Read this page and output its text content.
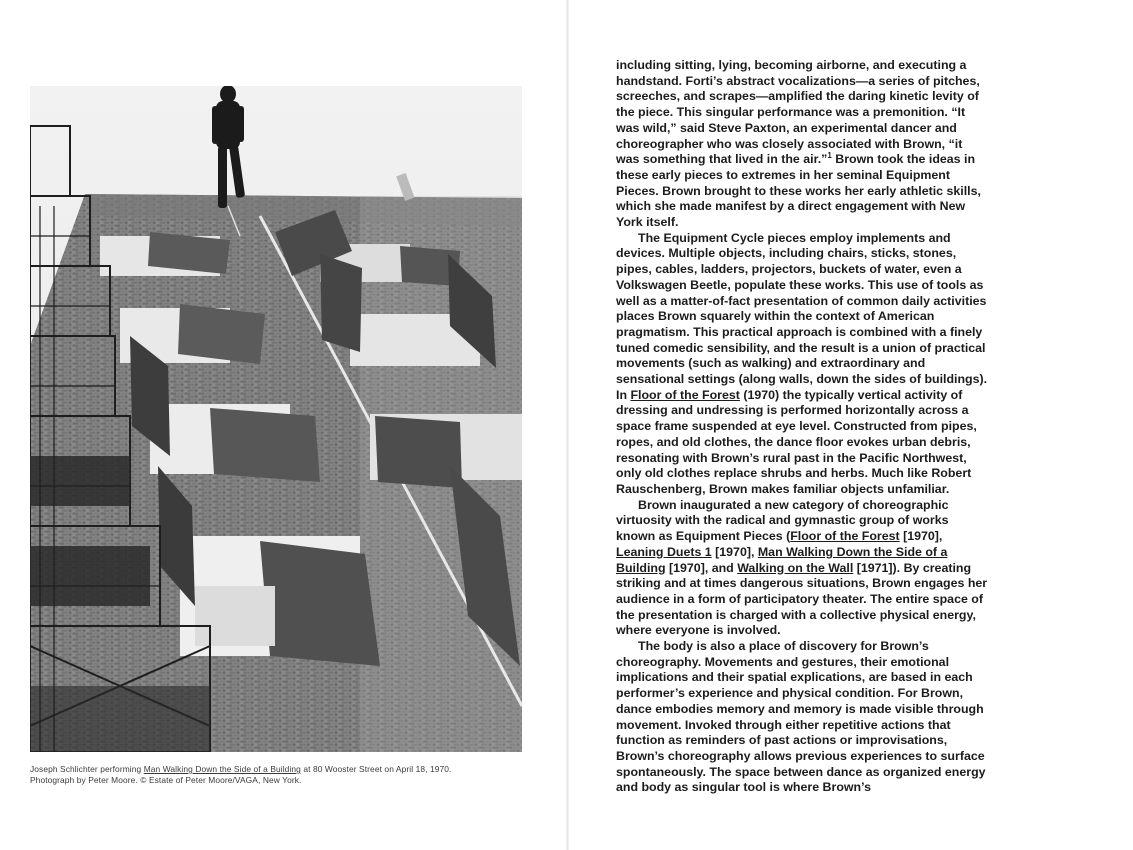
Joseph Schlichter performing Man Walking Down the Side of a Building at 80 Wooster Street on April 18, 1970.
Photograph by Peter Moore. © Estate of Peter Moore/VAGA, New York.

including sitting, lying, becoming airborne, and executing a handstand. Forti’s abstract vocalizations—a series of pitches, screeches, and scrapes—amplified the daring kinetic levity of the piece. This singular performance was a premonition. “It was wild,” said Steve Paxton, an experimental dancer and choreographer who was closely associated with Brown, “it was something that lived in the air.”$^1$ Brown took the ideas in these early pieces to extremes in her seminal Equipment Pieces. Brown brought to these works her early athletic skills, which she made manifest by a direct engagement with New York itself.

The Equipment Cycle pieces employ implements and devices. Multiple objects, including chairs, sticks, stones, pipes, cables, ladders, projectors, buckets of water, even a Volkswagen Beetle, populate these works. This use of tools as well as a matter-of-fact presentation of common daily activities places Brown squarely within the context of American pragmatism. This practical approach is combined with a finely tuned comedic sensibility, and the result is a union of practical movements (such as walking) and extraordinary and sensational settings (along walls, down the sides of buildings). In Floor of the Forest (1970) the typically vertical activity of dressing and undressing is performed horizontally across a space frame suspended at eye level. Constructed from pipes, ropes, and old clothes, the dance floor evokes urban debris, resonating with Brown’s rural past in the Pacific Northwest, only old clothes replace shrubs and herbs. Much like Robert Rauschenberg, Brown makes familiar objects unfamiliar.

Brown inaugurated a new category of choreographic virtuosity with the radical and gymnastic group of works known as Equipment Pieces (Floor of the Forest [1970], Leaning Duets 1 [1970], Man Walking Down the Side of a Building [1970], and Walking on the Wall [1971]). By creating striking and at times dangerous situations, Brown engages her audience in a form of participatory theater. The entire space of the presentation is charged with a collective physical energy, where everyone is involved.

The body is also a place of discovery for Brown’s choreography. Movements and gestures, their emotional implications and their spatial explications, are based in each performer’s experience and physical condition. For Brown, dance embodies memory and memory is made visible through movement. Invoked through either repetitive actions that function as reminders of past actions or improvisations, Brown’s choreography allows previous experiences to surface spontaneously. The space between dance as organized energy and body as singular tool is where Brown’s
